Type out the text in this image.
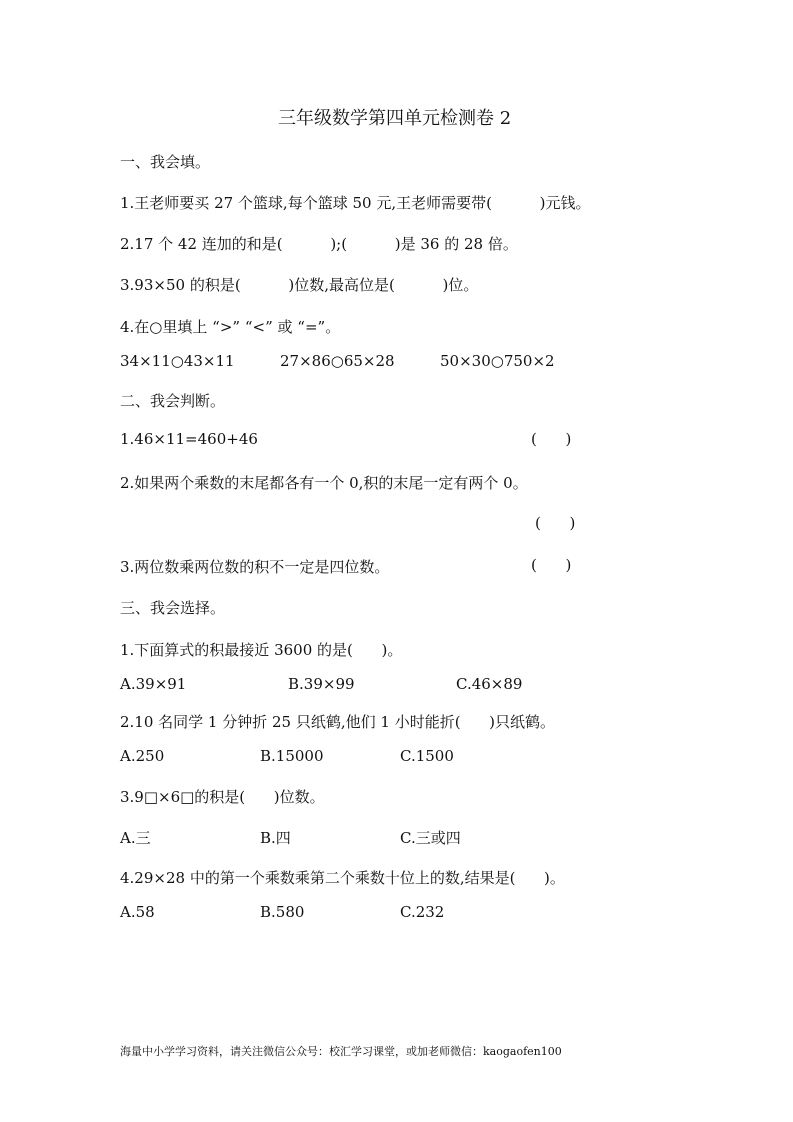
三年级数学第四单元检测卷 2
一、我会填。
1.王老师要买 27 个篮球,每个篮球 50 元,王老师需要带(          )元钱。
2.17 个 42 连加的和是(          );(          )是 36 的 28 倍。
3.93×50 的积是(          )位数,最高位是(          )位。
4.在○里填上 “>” “<” 或 “=”。
34×11○43×11	27×86○65×28	50×30○750×2
二、我会判断。
1.46×11=460+46	(      )
2.如果两个乘数的末尾都各有一个 0,积的末尾一定有两个 0。
(      )
3.两位数乘两位数的积不一定是四位数。	(      )
三、我会选择。
1.下面算式的积最接近 3600 的是(      )。
A.39×91	B.39×99	C.46×89
2.10 名同学 1 分钟折 25 只纸鹤,他们 1 小时能折(      )只纸鹤。
A.250	B.15000	C.1500
3.9□×6□的积是(      )位数。
A.三	B.四	C.三或四
4.29×28 中的第一个乘数乘第二个乘数十位上的数,结果是(      )。
A.58	B.580	C.232
海量中小学学习资料，请关注微信公众号：校汇学习课堂，或加老师微信：kaogaofen100
